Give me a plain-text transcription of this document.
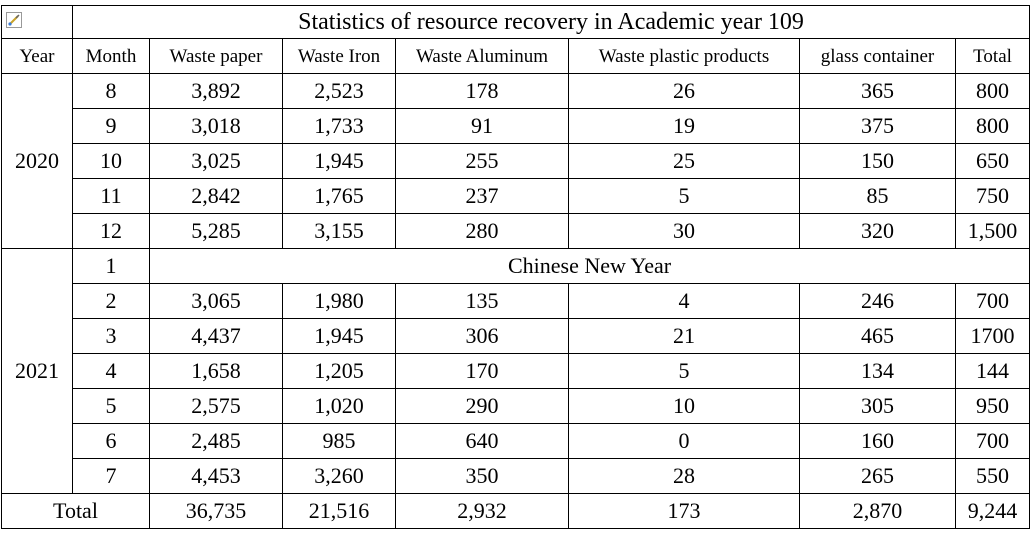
	Statistics of resource recovery in Academic year 109						
Year	Month	Waste paper	Waste Iron	Waste Aluminum	Waste plastic products	glass container	Total
2020	8	3,892	2,523	178	26	365	800
	9	3,018	1,733	91	19	375	800
	10	3,025	1,945	255	25	150	650
	11	2,842	1,765	237	5	85	750
	12	5,285	3,155	280	30	320	1,500
2021	1	Chinese New Year					
	2	3,065	1,980	135	4	246	700
	3	4,437	1,945	306	21	465	1700
	4	1,658	1,205	170	5	134	144
	5	2,575	1,020	290	10	305	950
	6	2,485	985	640	0	160	700
	7	4,453	3,260	350	28	265	550
Total		36,735	21,516	2,932	173	2,870	9,244
